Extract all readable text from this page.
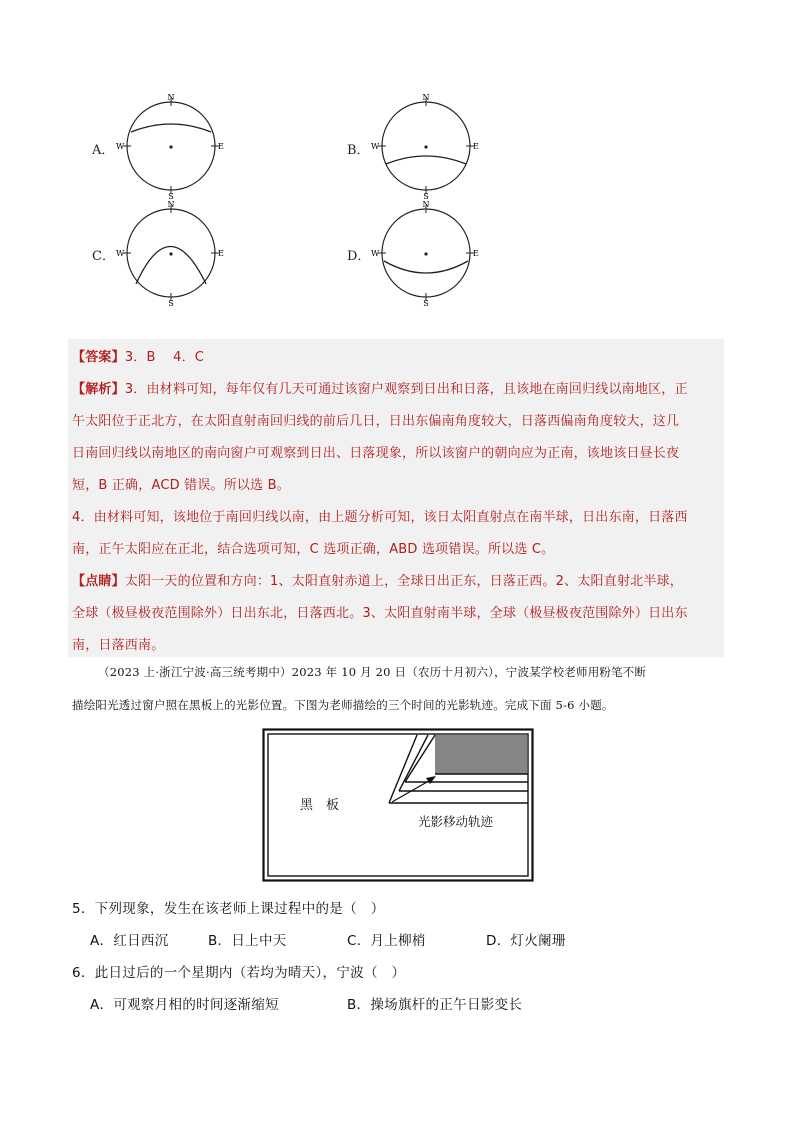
A．
N
S
W	E	B．
N
S
W	E
C．
N
S
W	E	D．
N
S
W	E
【答案】3．B　 4．C
【解析】3．由材料可知，每年仅有几天可通过该窗户观察到日出和日落，且该地在南回归线以南地区，正
午太阳位于正北方，在太阳直射南回归线的前后几日，日出东偏南角度较大，日落西偏南角度较大，这几
日南回归线以南地区的南向窗户可观察到日出、日落现象，所以该窗户的朝向应为正南，该地该日昼长夜
短，B 正确，ACD 错误。所以选 B。
4．由材料可知，该地位于南回归线以南，由上题分析可知，该日太阳直射点在南半球，日出东南，日落西
南，正午太阳应在正北，结合选项可知，C 选项正确，ABD 选项错误。所以选 C。
【点睛】太阳一天的位置和方向：1、太阳直射赤道上，全球日出正东，日落正西。2、太阳直射北半球，
全球（极昼极夜范围除外）日出东北，日落西北。3、太阳直射南半球，全球（极昼极夜范围除外）日出东
南，日落西南。
（2023 上·浙江宁波·高三统考期中）2023 年 10 月 20 日（农历十月初六），宁波某学校老师用粉笔不断
描绘阳光透过窗户照在黑板上的光影位置。下图为老师描绘的三个时间的光影轨迹。完成下面 5-6 小题。
黑　板
光影移动轨迹
5．下列现象，发生在该老师上课过程中的是（　）
A．红日西沉	B．日上中天	C．月上柳梢	D．灯火阑珊
6．此日过后的一个星期内（若均为晴天），宁波（　）
A．可观察月相的时间逐渐缩短	B．操场旗杆的正午日影变长
